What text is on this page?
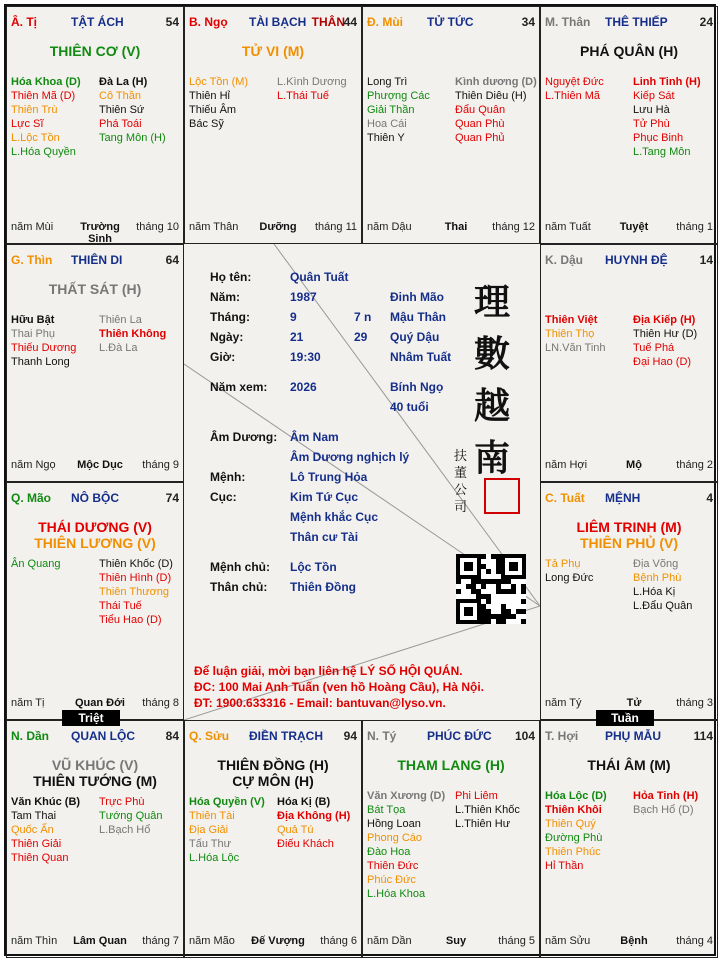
Ȃ. Tị	TẬT ÁCH	54
THIÊN CƠ (V)
Hóa Khoa (D)
Thiên Mã (D)
Thiên Trù
Lực Sĩ
L.Lộc Tồn
L.Hóa Quyền
Đà La (H)
Cô Thần
Thiên Sứ
Phá Toái
Tang Môn (H)
năm Mùi	Trường Sinh
tháng 10
B. Ngọ TÀI BẠCH THÂN
44
TỬ VI (M)
Lộc Tồn (M)
Thiên Hỉ
Thiếu Âm
Bác Sỹ
L.Kình Dương
L.Thái Tuế
năm Thân	Dưỡng	tháng 11
Đ. Mùi TỬ TỨC	34
Long Trì
Phượng Các
Giải Thần
Hoa Cái
Thiên Y
Kình dương (D)
Thiên Diêu (H)
Đẩu Quân
Quan Phù
Quan Phủ
năm Dậu	Thai	tháng 12
M. Thân THÊ THIẾP	24
PHÁ QUÂN (H)
Nguyệt Đức
L.Thiên Mã
Linh Tinh (H)
Kiếp Sát
Lưu Hà
Tử Phù
Phục Binh
L.Tang Môn
năm Tuất	Tuyệt	tháng 1
G. Thìn THIÊN DI	64
THẤT SÁT (H)
Hữu Bật
Thai Phụ
Thiếu Dương
Thanh Long
Thiên La
Thiên Không
L.Đà La
năm Ngọ	Mộc Dục	tháng 9
K. Dậu HUYNH ĐỆ	14
Thiên Việt
Thiên Thọ
LN.Văn Tinh
Địa Kiếp (H)
Thiên Hư (D)
Tuế Phá
Đại Hao (D)
năm Hợi	Mộ	tháng 2
Q. Mão NÔ BỘC	74
THÁI DƯƠNG (V)
THIÊN LƯƠNG (V)
Ân Quang	Thiên Khốc (D)
Thiên Hình (D)
Thiên Thương
Thái Tuế
Tiểu Hao (D)
năm Tị	Quan Đới	tháng 8
C. Tuất MỆNH	4
LIÊM TRINH (M)
THIÊN PHỦ (V)
Tả Phụ
Long Đức
Địa Võng
Bệnh Phù
L.Hóa Kị
L.Đẩu Quân
năm Tý	Tử	tháng 3
N. Dần QUAN LỘC	84
VŨ KHÚC (V)
THIÊN TƯỚNG (M)
Văn Khúc (B)
Tam Thai
Quốc Ấn
Thiên Giải
Thiên Quan
Trực Phù
Tướng Quân
L.Bạch Hổ
năm Thìn	Lâm Quan	tháng 7
Q. Sửu ĐIỀN TRẠCH 94
THIÊN ĐỒNG (H)
CỰ MÔN (H)
Hóa Quyền (V)
Thiên Tài
Địa Giải
Tấu Thư
L.Hóa Lộc
Hóa Kị (B)
Địa Không (H)
Quả Tú
Điếu Khách
năm Mão	Đế Vượng	tháng 6
N. Tý	PHÚC ĐỨC 104
THAM LANG (H)
Văn Xương (D)
Bát Tọa
Hồng Loan
Phong Cáo
Đào Hoa
Thiên Đức
Phúc Đức
L.Hóa Khoa
Phi Liêm
L.Thiên Khốc
L.Thiên Hư
năm Dần	Suy	tháng 5
T. Hợi PHỤ MẪU	114
THÁI ÂM (M)
Hóa Lộc (D)
Thiên Khôi
Thiên Quý
Đường Phù
Thiên Phúc
Hỉ Thần
Hỏa Tinh (H)
Bạch Hổ (D)
năm Sửu	Bệnh	tháng 4
Họ tên:	Quân Tuất
Năm:	1987	Đinh Mão
Tháng:	9	7 n Mậu Thân
Ngày:	21	29 Quý Dậu
Giờ:	19:30	Nhâm Tuất
Năm xem: 2026	Bính Ngọ
40 tuổi
Âm Dương: Âm Nam
Âm Dương nghịch lý
Mệnh:	Lô Trung Hỏa
Cục:	Kim Tứ Cục
Mệnh khắc Cục
Thân cư Tài
Mệnh chủ: Lộc Tồn
Thân chủ: Thiên Đồng
理
數
越
南
扶董公司
Để luận giải, mời bạn liên hệ LÝ SỐ HỘI QUÁN.
ĐC: 100 Mai Anh Tuấn (ven hồ Hoàng Cầu), Hà Nội.
ĐT: 1900.633316 - Email: bantuvan@lyso.vn.
Triệt	Tuần
